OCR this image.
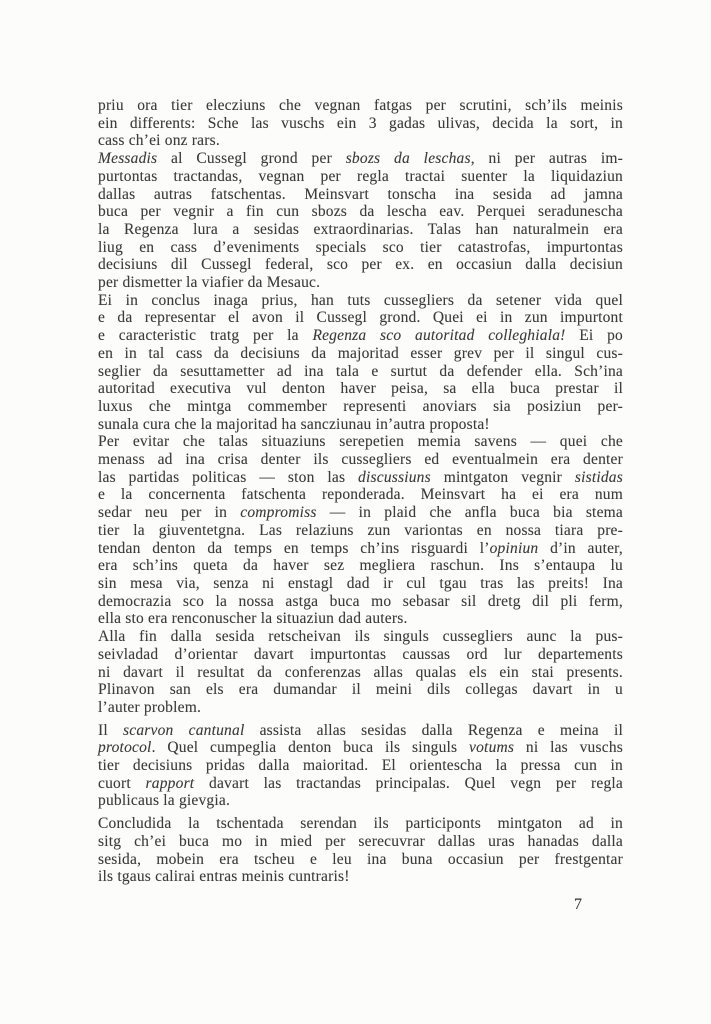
priu ora tier elecziuns che vegnan fatgas per scrutini, sch’ils meinis
ein differents: Sche las vuschs ein 3 gadas ulivas, decida la sort, in
cass ch’ei onz rars.
Messadis al Cussegl grond per sbozs da leschas, ni per autras im-
purtontas tractandas, vegnan per regla tractai suenter la liquidaziun
dallas autras fatschentas. Meinsvart tonscha ina sesida ad jamna
buca per vegnir a fin cun sbozs da lescha eav. Perquei seradunescha
la Regenza lura a sesidas extraordinarias. Talas han naturalmein era
liug en cass d’eveniments specials sco tier catastrofas, impurtontas
decisiuns dil Cussegl federal, sco per ex. en occasiun dalla decisiun
per dismetter la viafier da Mesauc.
Ei in conclus inaga prius, han tuts cussegliers da setener vida quel
e da representar el avon il Cussegl grond. Quei ei in zun impurtont
e caracteristic tratg per la Regenza sco autoritad colleghiala! Ei po
en in tal cass da decisiuns da majoritad esser grev per il singul cus-
seglier da sesuttametter ad ina tala e surtut da defender ella. Sch’ina
autoritad executiva vul denton haver peisa, sa ella buca prestar il
luxus che mintga commember representi anoviars sia posiziun per-
sunala cura che la majoritad ha sancziunau in’autra proposta!
Per evitar che talas situaziuns serepetien memia savens — quei che
menass ad ina crisa denter ils cussegliers ed eventualmein era denter
las partidas politicas — ston las discussiuns mintgaton vegnir sistidas
e la concernenta fatschenta reponderada. Meinsvart ha ei era num
sedar neu per in compromiss — in plaid che anfla buca bia stema
tier la giuventetgna. Las relaziuns zun variontas en nossa tiara pre-
tendan denton da temps en temps ch’ins risguardi l’opiniun d’in auter,
era sch’ins queta da haver sez megliera raschun. Ins s’entaupa lu
sin mesa via, senza ni enstagl dad ir cul tgau tras las preits! Ina
democrazia sco la nossa astga buca mo sebasar sil dretg dil pli ferm,
ella sto era renconuscher la situaziun dad auters.
Alla fin dalla sesida retscheivan ils singuls cussegliers aunc la pus-
seivladad d’orientar davart impurtontas caussas ord lur departements
ni davart il resultat da conferenzas allas qualas els ein stai presents.
Plinavon san els era dumandar il meini dils collegas davart in u
l’auter problem.
Il scarvon cantunal assista allas sesidas dalla Regenza e meina il
protocol. Quel cumpeglia denton buca ils singuls votums ni las vuschs
tier decisiuns pridas dalla maioritad. El orientescha la pressa cun in
cuort rapport davart las tractandas principalas. Quel vegn per regla
publicaus la gievgia.
Concludida la tschentada serendan ils participonts mintgaton ad in
sitg ch’ei buca mo in mied per serecuvrar dallas uras hanadas dalla
sesida, mobein era tscheu e leu ina buna occasiun per frestgentar
ils tgaus calirai entras meinis cuntraris!
7
